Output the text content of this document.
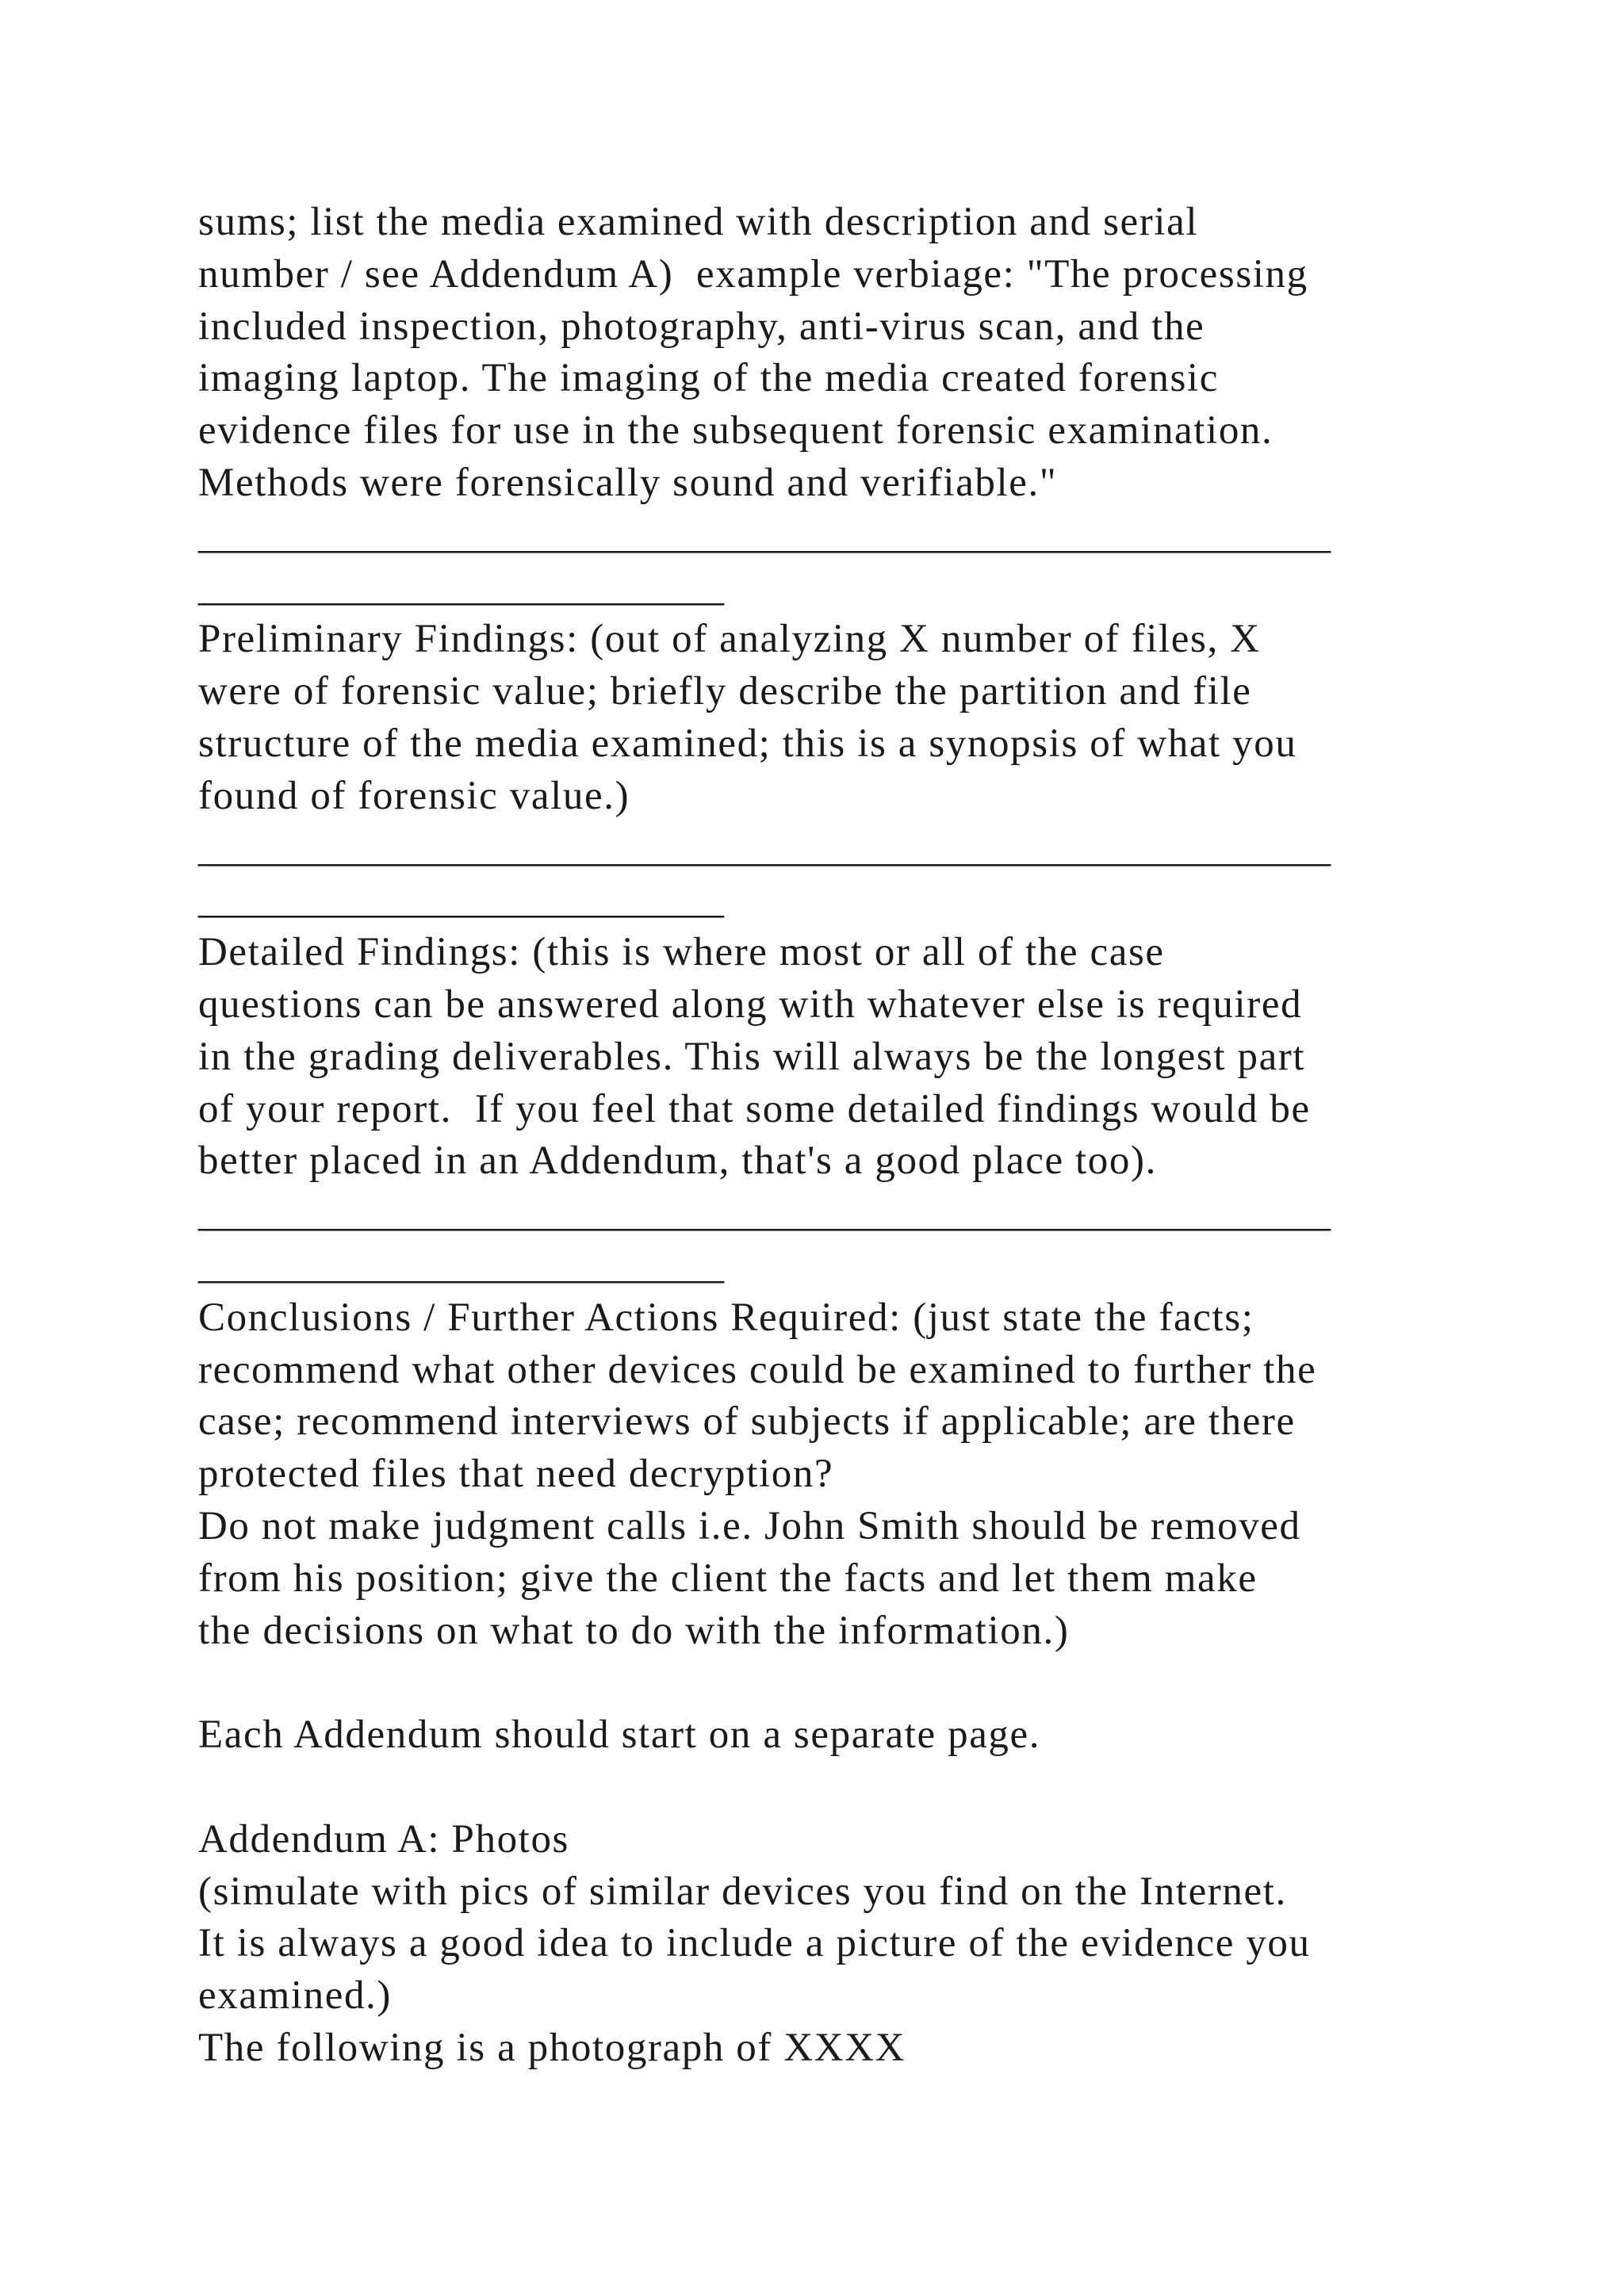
sums; list the media examined with description and serial
number / see Addendum A)  example verbiage: "The processing
included inspection, photography, anti-virus scan, and the
imaging laptop. The imaging of the media created forensic
evidence files for use in the subsequent forensic examination.
Methods were forensically sound and verifiable."
________________________________________________________
__________________________
Preliminary Findings: (out of analyzing X number of files, X
were of forensic value; briefly describe the partition and file
structure of the media examined; this is a synopsis of what you
found of forensic value.)
________________________________________________________
__________________________
Detailed Findings: (this is where most or all of the case
questions can be answered along with whatever else is required
in the grading deliverables. This will always be the longest part
of your report.  If you feel that some detailed findings would be
better placed in an Addendum, that's a good place too).
________________________________________________________
__________________________
Conclusions / Further Actions Required: (just state the facts;
recommend what other devices could be examined to further the
case; recommend interviews of subjects if applicable; are there
protected files that need decryption?
Do not make judgment calls i.e. John Smith should be removed
from his position; give the client the facts and let them make
the decisions on what to do with the information.)
Each Addendum should start on a separate page.
Addendum A: Photos
(simulate with pics of similar devices you find on the Internet.
It is always a good idea to include a picture of the evidence you
examined.)
The following is a photograph of XXXX
